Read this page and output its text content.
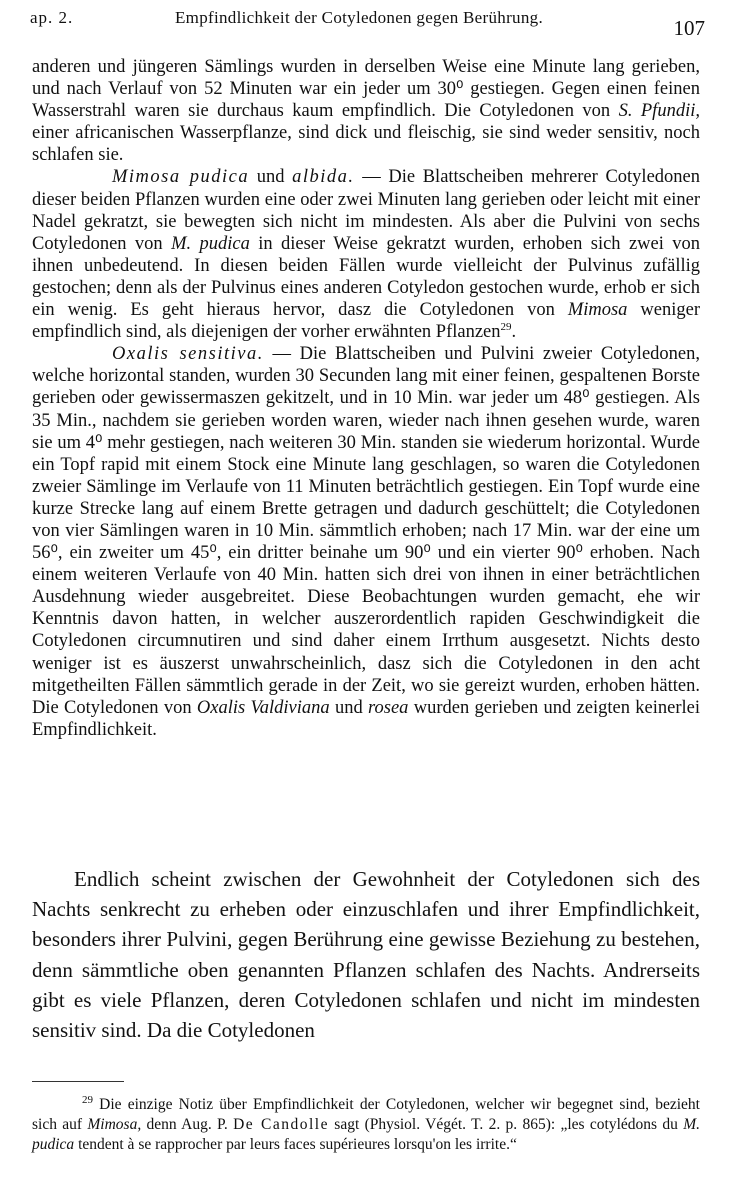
ap. 2.	Empfindlichkeit der Cotyledonen gegen Berührung.	107

anderen und jüngeren Sämlings wurden in derselben Weise eine Minute lang gerieben, und nach Verlauf von 52 Minuten war ein jeder um 30⁰ gestiegen. Gegen einen feinen Wasserstrahl waren sie durchaus kaum empfindlich. Die Cotyledonen von S. Pfundii, einer africanischen Wasserpflanze, sind dick und fleischig, sie sind weder sensitiv, noch schlafen sie.

Mimosa pudica und albida. — Die Blattscheiben mehrerer Cotyledonen dieser beiden Pflanzen wurden eine oder zwei Minuten lang gerieben oder leicht mit einer Nadel gekratzt, sie bewegten sich nicht im mindesten. Als aber die Pulvini von sechs Cotyledonen von M. pudica in dieser Weise gekratzt wurden, erhoben sich zwei von ihnen unbedeutend. In diesen beiden Fällen wurde vielleicht der Pulvinus zufällig gestochen; denn als der Pulvinus eines anderen Cotyledon gestochen wurde, erhob er sich ein wenig. Es geht hieraus hervor, dasz die Cotyledonen von Mimosa weniger empfindlich sind, als diejenigen der vorher erwähnten Pflanzen$^{29}$.

Oxalis sensitiva. — Die Blattscheiben und Pulvini zweier Cotyledonen, welche horizontal standen, wurden 30 Secunden lang mit einer feinen, gespaltenen Borste gerieben oder gewissermaszen gekitzelt, und in 10 Min. war jeder um 48⁰ gestiegen. Als 35 Min., nachdem sie gerieben worden waren, wieder nach ihnen gesehen wurde, waren sie um 4⁰ mehr gestiegen, nach weiteren 30 Min. standen sie wiederum horizontal. Wurde ein Topf rapid mit einem Stock eine Minute lang geschlagen, so waren die Cotyledonen zweier Sämlinge im Verlaufe von 11 Minuten beträchtlich gestiegen. Ein Topf wurde eine kurze Strecke lang auf einem Brette getragen und dadurch geschüttelt; die Cotyledonen von vier Sämlingen waren in 10 Min. sämmtlich erhoben; nach 17 Min. war der eine um 56⁰, ein zweiter um 45⁰, ein dritter beinahe um 90⁰ und ein vierter 90⁰ erhoben. Nach einem weiteren Verlaufe von 40 Min. hatten sich drei von ihnen in einer beträchtlichen Ausdehnung wieder ausgebreitet. Diese Beobachtungen wurden gemacht, ehe wir Kenntnis davon hatten, in welcher auszerordentlich rapiden Geschwindigkeit die Cotyledonen circumnutiren und sind daher einem Irrthum ausgesetzt. Nichts desto weniger ist es äuszerst unwahrscheinlich, dasz sich die Cotyledonen in den acht mitgetheilten Fällen sämmtlich gerade in der Zeit, wo sie gereizt wurden, erhoben hätten. Die Cotyledonen von Oxalis Valdiviana und rosea wurden gerieben und zeigten keinerlei Empfindlichkeit.

Endlich scheint zwischen der Gewohnheit der Cotyledonen sich des Nachts senkrecht zu erheben oder einzuschlafen und ihrer Empfindlichkeit, besonders ihrer Pulvini, gegen Berührung eine gewisse Beziehung zu bestehen, denn sämmtliche oben genannten Pflanzen schlafen des Nachts. Andrerseits gibt es viele Pflanzen, deren Cotyledonen schlafen und nicht im mindesten sensitiv sind. Da die Cotyledonen

$^{29}$ Die einzige Notiz über Empfindlichkeit der Cotyledonen, welcher wir begegnet sind, bezieht sich auf Mimosa, denn Aug. P. De Candolle sagt (Physiol. Végét. T. 2. p. 865): „les cotylédons du M. pudica tendent à se rapprocher par leurs faces supérieures lorsqu'on les irrite.“
